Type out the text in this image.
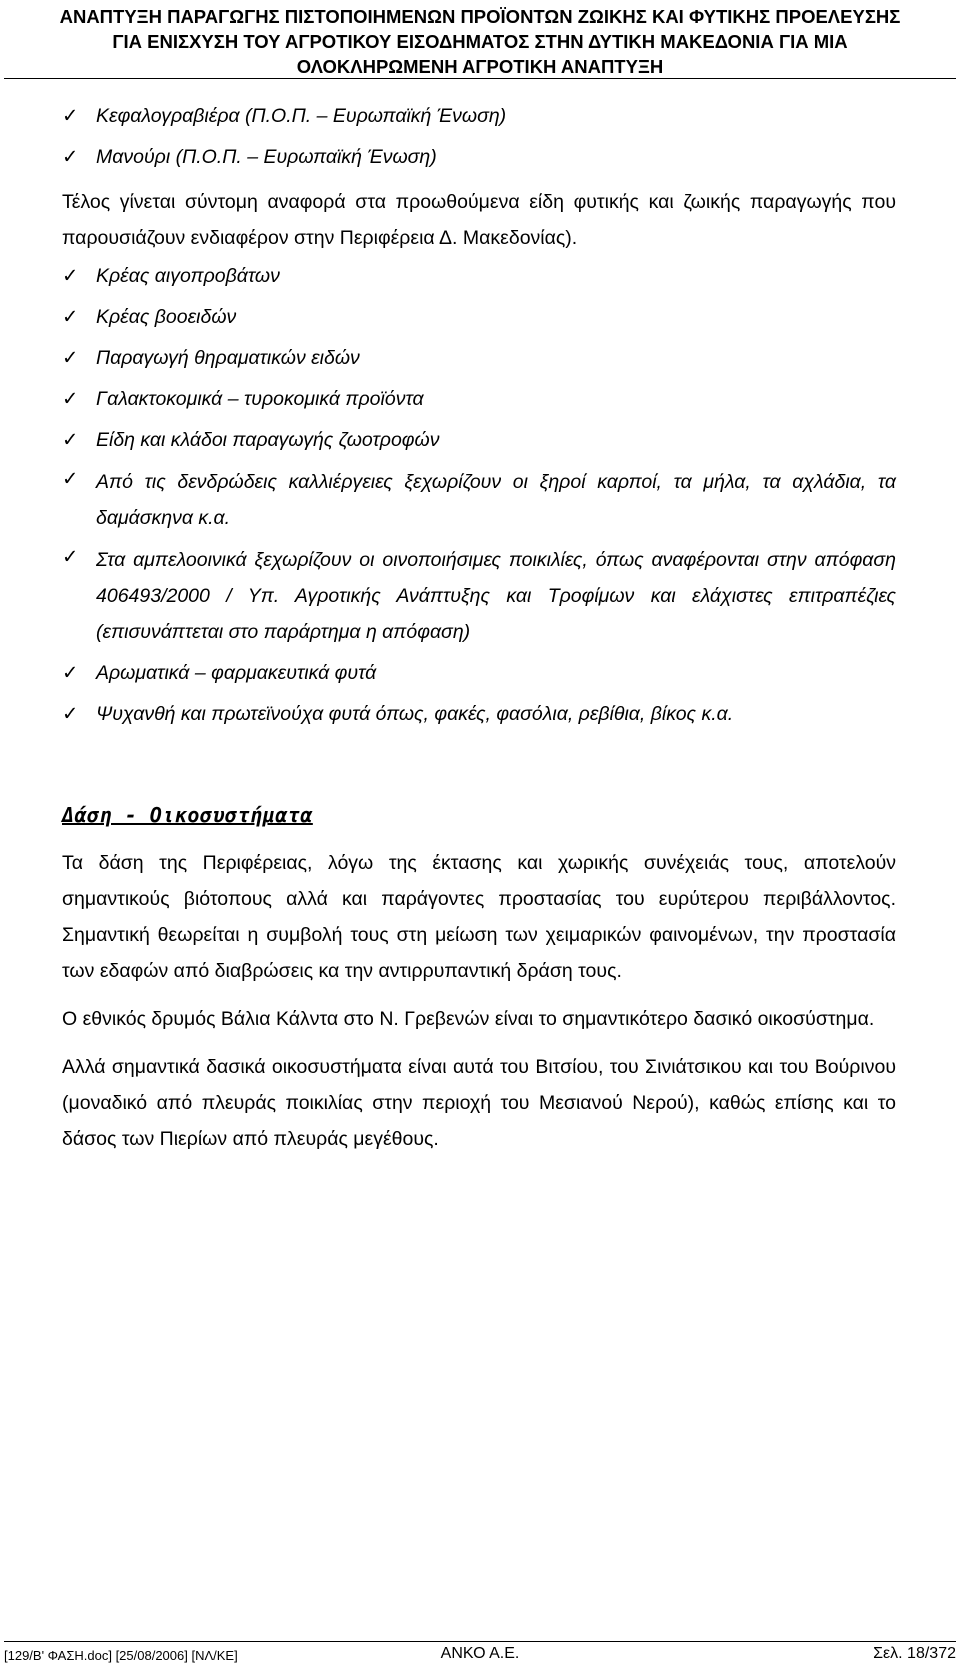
ΑΝΑΠΤΥΞΗ ΠΑΡΑΓΩΓΗΣ ΠΙΣΤΟΠΟΙΗΜΕΝΩΝ ΠΡΟΪΟΝΤΩΝ ΖΩΙΚΗΣ ΚΑΙ ΦΥΤΙΚΗΣ ΠΡΟΕΛΕΥΣΗΣ
ΓΙΑ ΕΝΙΣΧΥΣΗ ΤΟΥ ΑΓΡΟΤΙΚΟΥ ΕΙΣΟΔΗΜΑΤΟΣ ΣΤΗΝ ΔΥΤΙΚΗ ΜΑΚΕΔΟΝΙΑ ΓΙΑ ΜΙΑ
ΟΛΟΚΛΗΡΩΜΕΝΗ ΑΓΡΟΤΙΚΗ ΑΝΑΠΤΥΞΗ
✓ Κεφαλογραβιέρα (Π.Ο.Π. – Ευρωπαϊκή Ένωση)
✓ Μανούρι (Π.Ο.Π. – Ευρωπαϊκή Ένωση)

Τέλος γίνεται σύντομη αναφορά στα προωθούμενα είδη φυτικής και ζωικής παραγωγής που παρουσιάζουν ενδιαφέρον στην Περιφέρεια Δ. Μακεδονίας).

✓ Κρέας αιγοπροβάτων
✓ Κρέας βοοειδών
✓ Παραγωγή θηραματικών ειδών
✓ Γαλακτοκομικά – τυροκομικά προϊόντα
✓ Είδη και κλάδοι παραγωγής ζωοτροφών
✓ Από τις δενδρώδεις καλλιέργειες ξεχωρίζουν οι ξηροί καρποί, τα μήλα, τα αχλάδια, τα δαμάσκηνα κ.α.
✓ Στα αμπελοοινικά ξεχωρίζουν οι οινοποιήσιμες ποικιλίες, όπως αναφέρονται στην απόφαση 406493/2000 / Υπ. Αγροτικής Ανάπτυξης και Τροφίμων και ελάχιστες επιτραπέζιες (επισυνάπτεται στο παράρτημα η απόφαση)
✓ Αρωματικά – φαρμακευτικά φυτά
✓ Ψυχανθή και πρωτεϊνούχα φυτά όπως, φακές, φασόλια, ρεβίθια, βίκος κ.α.
Δάση - Οικοσυστήματα

Τα δάση της Περιφέρειας, λόγω της έκτασης και χωρικής συνέχειάς τους, αποτελούν σημαντικούς βιότοπους αλλά και παράγοντες προστασίας του ευρύτερου περιβάλλοντος. Σημαντική θεωρείται η συμβολή τους στη μείωση των χειμαρικών φαινομένων, την προστασία των εδαφών από διαβρώσεις κα την αντιρρυπαντική δράση τους.

Ο εθνικός δρυμός Βάλια Κάλντα στο Ν. Γρεβενών είναι το σημαντικότερο δασικό οικοσύστημα.

Αλλά σημαντικά δασικά οικοσυστήματα είναι αυτά του Βιτσίου, του Σινιάτσικου και του Βούρινου (μοναδικό από πλευράς ποικιλίας στην περιοχή του Μεσιανού Νερού), καθώς επίσης και το δάσος των Πιερίων από πλευράς μεγέθους.

[129/Β' ΦΑΣΗ.doc] [25/08/2006] [ΝΛ/ΚΕ]	ΑΝΚΟ Α.Ε.	Σελ. 18/372
